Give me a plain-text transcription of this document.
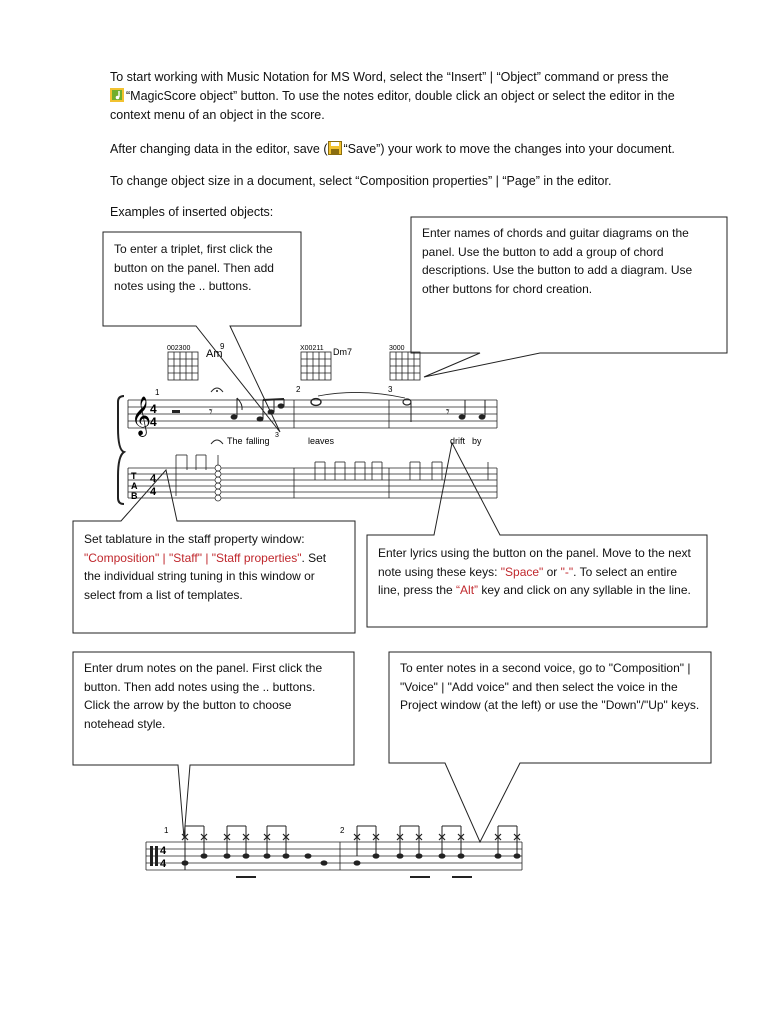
To start working with Music Notation for MS Word, select the “Insert” | “Object” command or press the
“MagicScore object” button. To use the notes editor, double click an object or select the editor in the context menu of an object in the score.
After changing data in the editor, save ( “Save”) your work to move the changes into your document.
To change object size in a document, select “Composition properties” | “Page” in the editor.
Examples of inserted objects:
To enter a triplet, first click the button on the panel. Then add notes using the .. buttons.
Enter names of chords and guitar diagrams on the panel. Use the button to add a group of chord descriptions. Use the button to add a diagram. Use other buttons for chord creation.
Set tablature in the staff property window:
"Composition" | "Staff" | "Staff properties". Set the individual string tuning in this window or select from a list of templates.
Enter lyrics using the button on the panel. Move to the next note using these keys: "Space" or "-". To select an entire line, press the “Alt” key and click on any syllable in the line.
Enter drum notes on the panel. First click the button. Then add notes using the .. buttons. Click the arrow by the button to choose notehead style.
To enter notes in a second voice, go to "Composition" | "Voice" | "Add voice" and then select the voice in the Project window (at the left) or use the "Down"/"Up" keys.
002300 Am
9	X00211 Dm7	3000
1	2	3
𝄞
4
4
𝄾
3
𝄾
The falling	leaves	drift by
T
A
B
4
4
1	2
4
4
